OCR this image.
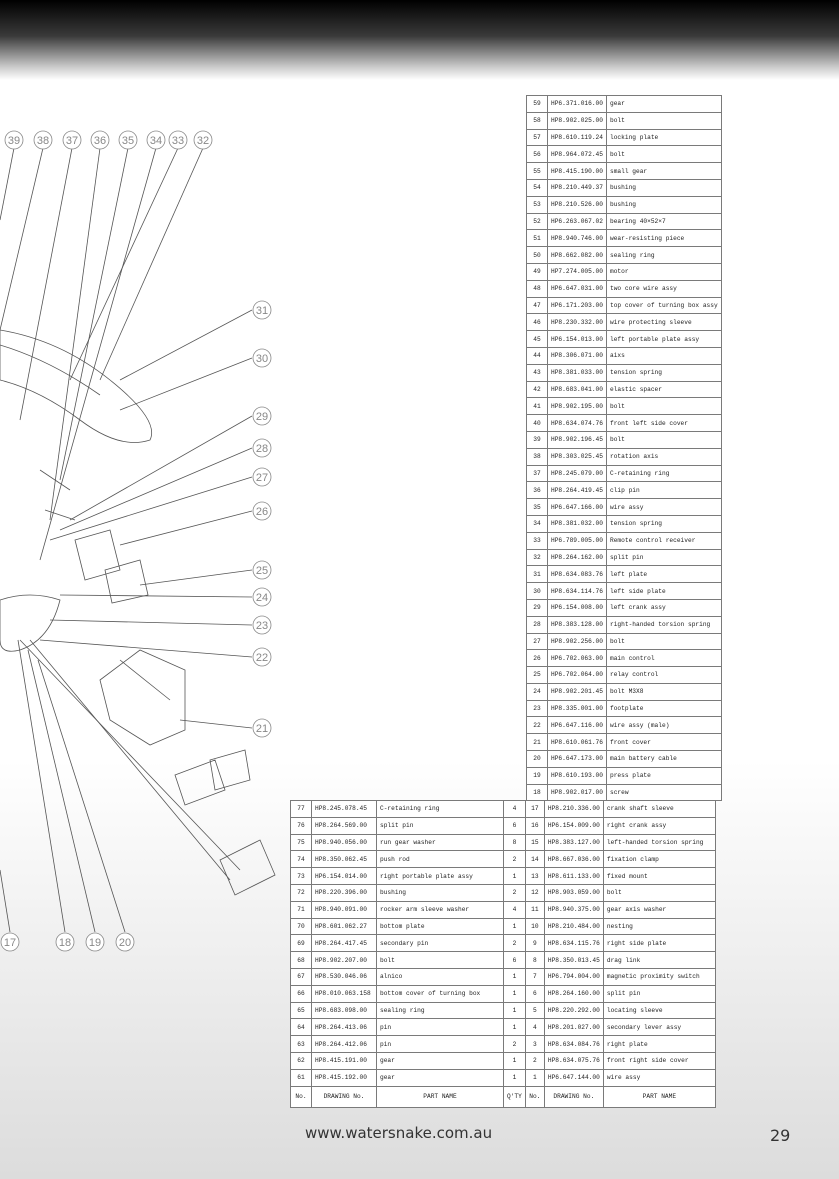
39 38 37 36 35 34 33 32
31
30
29
28
27
26
25
24
23
22
21
17	18 19 20
59	HP6.371.016.00	gear
58	HP8.902.025.00	bolt
57	HP8.610.119.24	locking plate
56	HP8.964.072.45	bolt
55	HP8.415.190.00	small gear
54	HP8.210.449.37	bushing
53	HP8.210.526.00	bushing
52	HP6.263.067.02	bearing 40×52×7
51	HP8.940.746.00	wear-resisting piece
50	HP8.662.082.00	sealing ring
49	HP7.274.005.00	motor
48	HP6.647.031.00	two core wire assy
47	HP6.171.203.00	top cover of turning box assy
46	HP8.230.332.00	wire protecting sleeve
45	HP6.154.013.00	left portable plate assy
44	HP8.306.071.00	aixs
43	HP8.381.033.00	tension spring
42	HP8.683.041.00	elastic spacer
41	HP8.902.195.00	bolt
40	HP8.634.074.76	front left side cover
39	HP8.902.196.45	bolt
38	HP8.303.025.45	rotation axis
37	HP8.245.079.00	C-retaining ring
36	HP8.264.419.45	clip pin
35	HP6.647.166.00	wire assy
34	HP8.381.032.00	tension spring
33	HP6.789.005.00	Remote control receiver
32	HP8.264.162.00	split pin
31	HP8.634.083.76	left plate
30	HP8.634.114.76	left side plate
29	HP6.154.008.00	left crank assy
28	HP8.383.128.00	right-handed torsion spring
27	HP8.902.256.00	bolt
26	HP6.702.063.00	main control
25	HP6.702.064.00	relay control
24	HP8.902.201.45	bolt M3X8
23	HP8.335.001.00	footplate
22	HP6.647.116.00	wire assy (male)
21	HP8.610.061.76	front cover
20	HP6.647.173.00	main battery cable
19	HP8.610.193.00	press plate
18	HP8.902.017.00	screw
77	HP8.245.078.45	C-retaining ring	4	17	HP8.210.336.00	crank shaft sleeve
76	HP8.264.569.00	split pin	6	16	HP6.154.009.00	right crank assy
75	HP8.940.056.00	run gear washer	8	15	HP8.383.127.00	left-handed torsion spring
74	HP8.350.062.45	push rod	2	14	HP8.667.036.00	fixation clamp
73	HP6.154.014.00	right portable plate assy	1	13	HP8.611.133.00	fixed mount
72	HP8.220.396.00	bushing	2	12	HP8.903.059.00	bolt
71	HP8.940.091.00	rocker arm sleeve washer	4	11	HP8.940.375.00	gear axis washer
70	HP8.601.062.27	bottom plate	1	10	HP8.210.484.00	nesting
69	HP8.264.417.45	secondary pin	2	9	HP8.634.115.76	right side plate
68	HP8.902.207.00	bolt	6	8	HP8.350.013.45	drag link
67	HP8.530.046.06	alnico	1	7	HP6.794.004.00	magnetic proximity switch
66	HP8.010.063.158	bottom cover of turning box	1	6	HP8.264.160.00	split pin
65	HP8.683.098.00	sealing ring	1	5	HP8.220.292.00	locating sleeve
64	HP8.264.413.06	pin	1	4	HP8.201.027.00	secondary lever assy
63	HP8.264.412.06	pin	2	3	HP8.634.084.76	right plate
62	HP8.415.191.00	gear	1	2	HP8.634.075.76	front right side cover
61	HP8.415.192.00	gear	1	1	HP6.647.144.00	wire assy
No.	DRAWING No.	PART NAME	Q'TY	No.	DRAWING No.	PART NAME
www.watersnake.com.au	29
